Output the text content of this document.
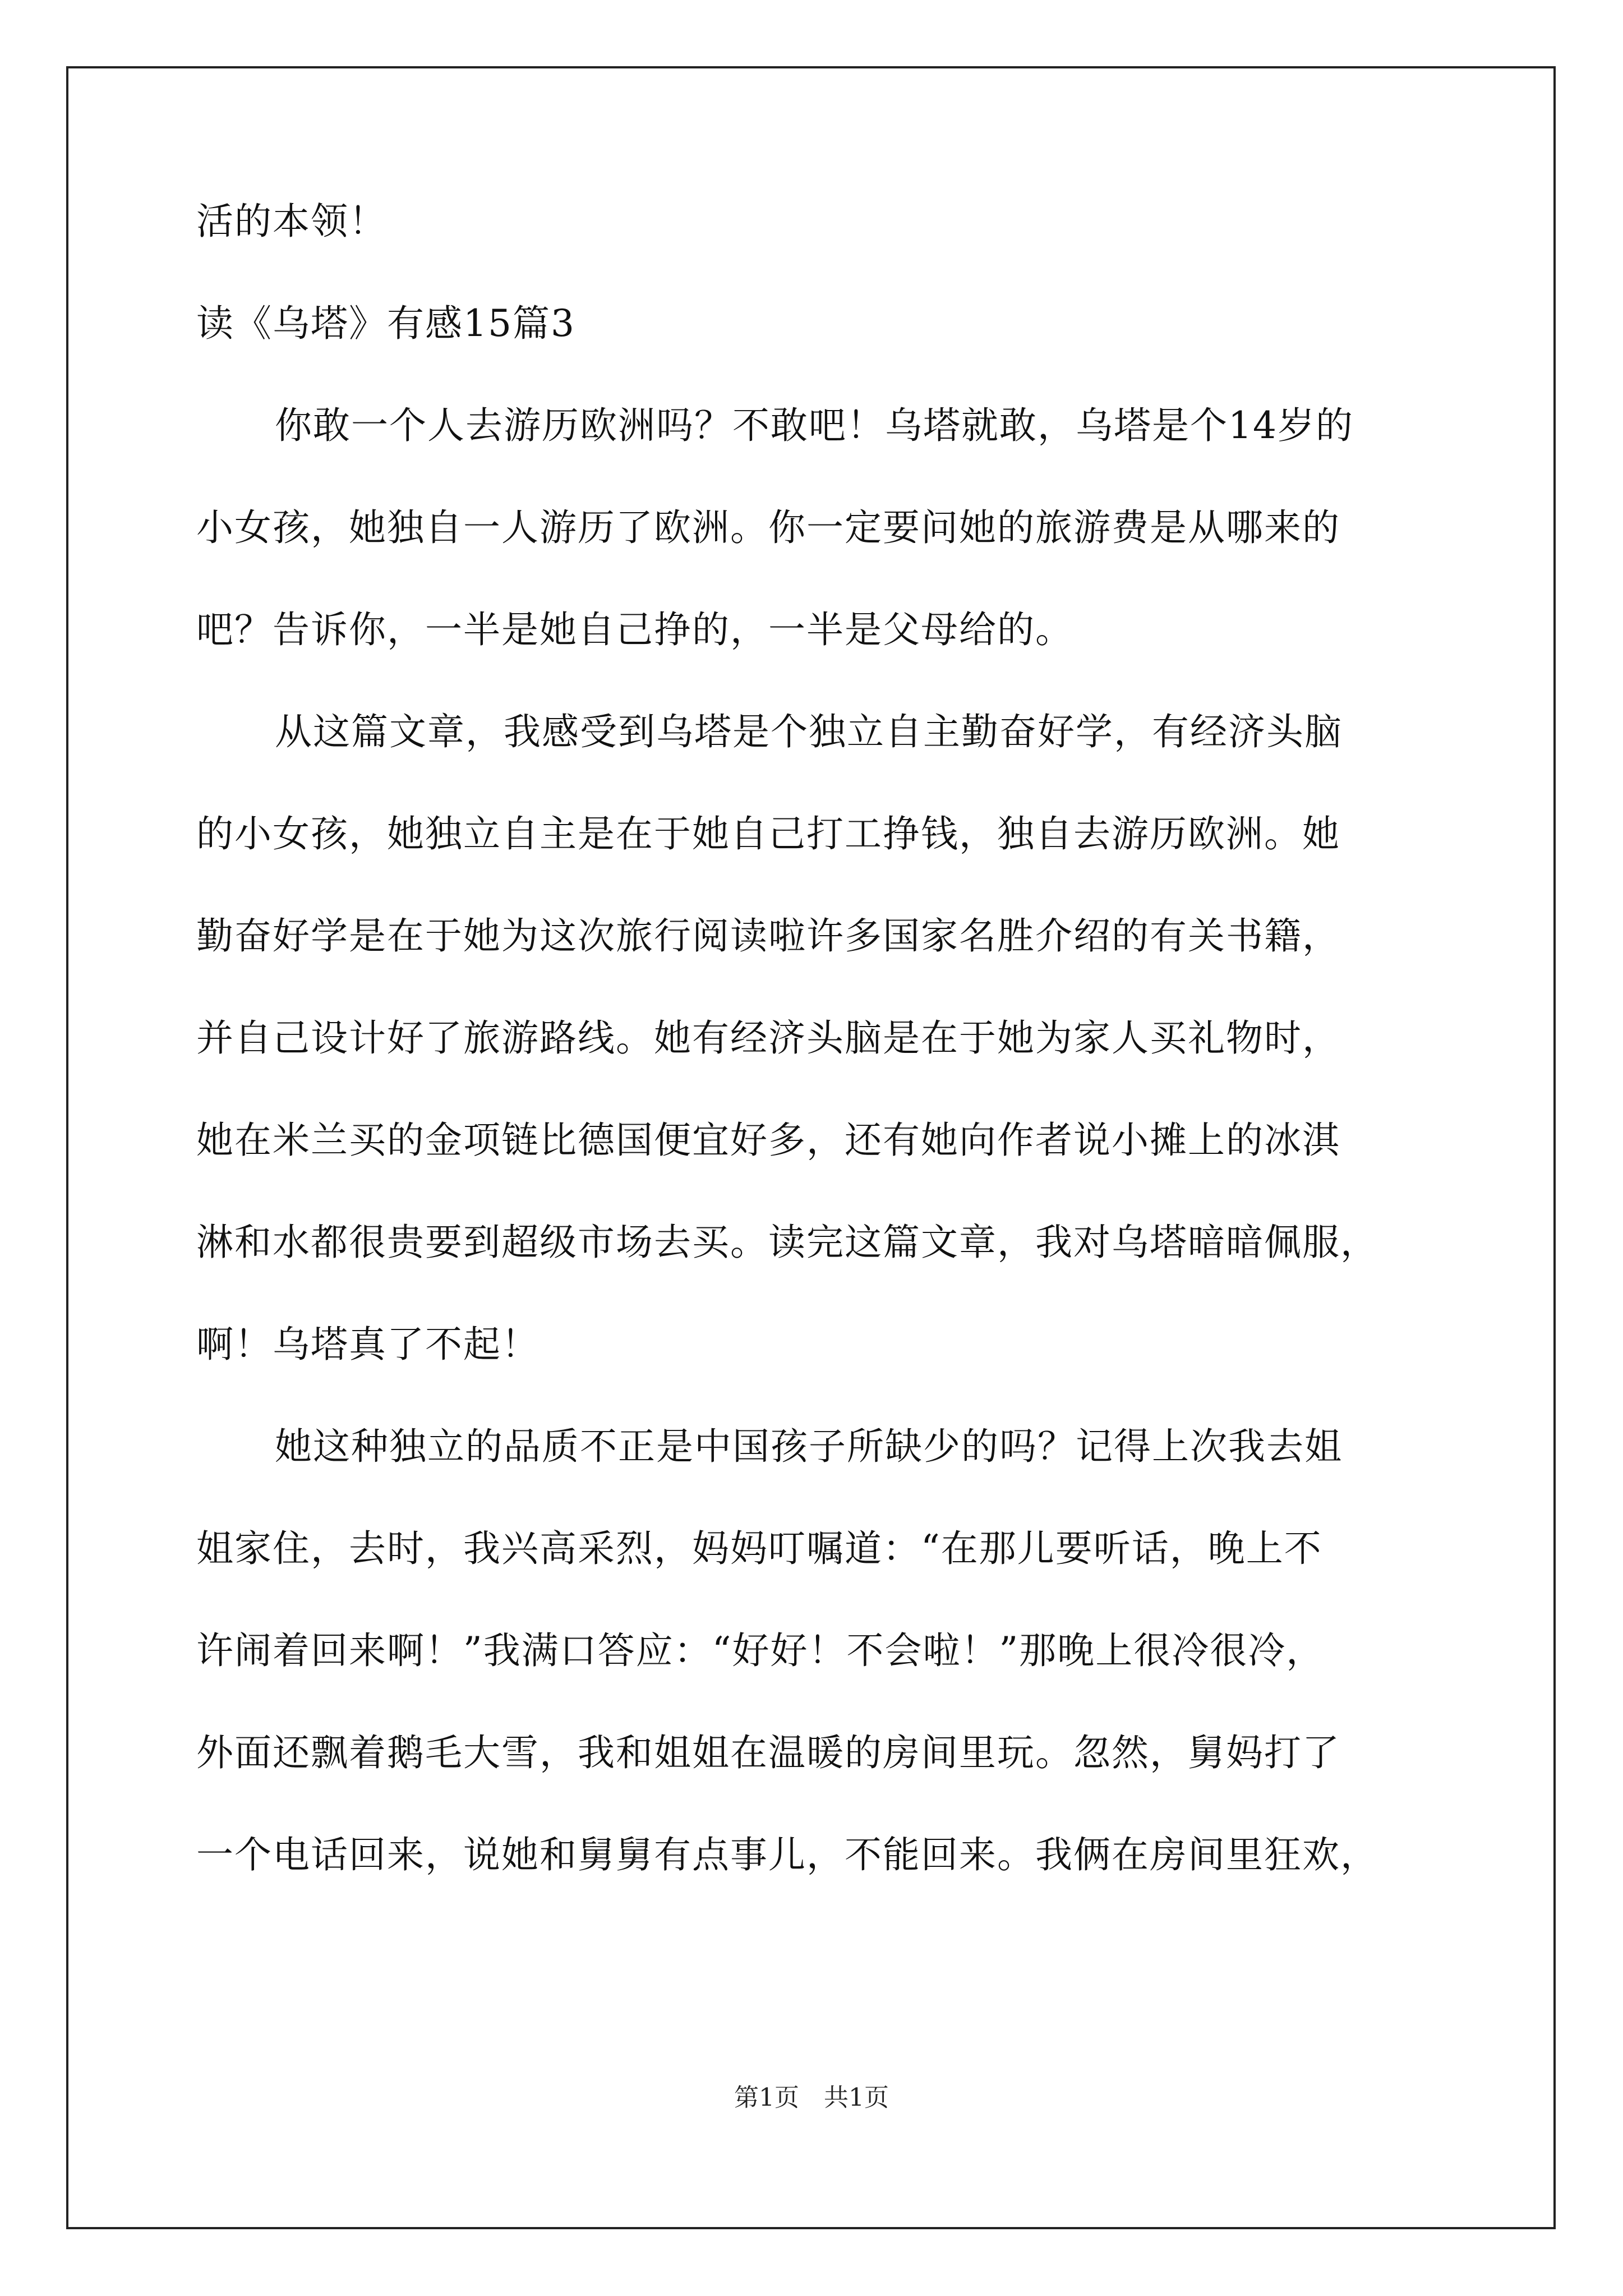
活的本领！

读《乌塔》有感15篇3

你敢一个人去游历欧洲吗？不敢吧！乌塔就敢，乌塔是个14岁的

小女孩，她独自一人游历了欧洲。你一定要问她的旅游费是从哪来的

吧？告诉你，一半是她自己挣的，一半是父母给的。

从这篇文章，我感受到乌塔是个独立自主勤奋好学，有经济头脑

的小女孩，她独立自主是在于她自己打工挣钱，独自去游历欧洲。她

勤奋好学是在于她为这次旅行阅读啦许多国家名胜介绍的有关书籍，

并自己设计好了旅游路线。她有经济头脑是在于她为家人买礼物时，

她在米兰买的金项链比德国便宜好多，还有她向作者说小摊上的冰淇

淋和水都很贵要到超级市场去买。读完这篇文章，我对乌塔暗暗佩服，

啊！乌塔真了不起！

她这种独立的品质不正是中国孩子所缺少的吗？记得上次我去姐

姐家住，去时，我兴高采烈，妈妈叮嘱道：“在那儿要听话，晚上不

许闹着回来啊！”我满口答应：“好好！不会啦！”那晚上很冷很冷，

外面还飘着鹅毛大雪，我和姐姐在温暖的房间里玩。忽然，舅妈打了

一个电话回来，说她和舅舅有点事儿，不能回来。我俩在房间里狂欢，

第1页　共1页
